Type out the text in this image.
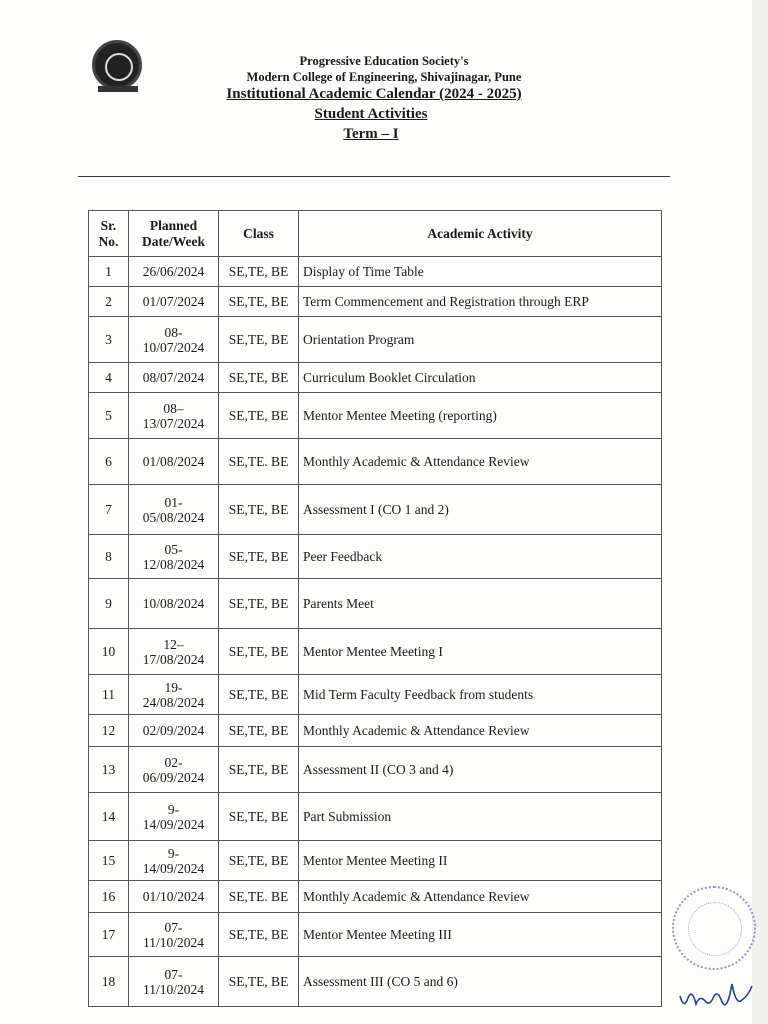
Progressive Education Society's
Modern College of Engineering, Shivajinagar, Pune
Institutional Academic Calendar (2024 - 2025)
Student Activities
Term – I
Sr. No.	Planned Date/Week	Class	Academic Activity
1	26/06/2024	SE,TE, BE	Display of Time Table
2	01/07/2024	SE,TE, BE	Term Commencement and Registration through ERP
3	08-
10/07/2024	SE,TE, BE	Orientation Program
4	08/07/2024	SE,TE, BE	Curriculum Booklet Circulation
5	08–
13/07/2024	SE,TE, BE	Mentor Mentee Meeting (reporting)
6	01/08/2024	SE,TE. BE	Monthly Academic & Attendance Review
7	01-
05/08/2024	SE,TE, BE	Assessment I (CO 1 and 2)
8	05-
12/08/2024	SE,TE, BE	Peer Feedback
9	10/08/2024	SE,TE, BE	Parents Meet
10	12–
17/08/2024	SE,TE, BE	Mentor Mentee Meeting I
11	19-
24/08/2024	SE,TE, BE	Mid Term Faculty Feedback from students
12	02/09/2024	SE,TE, BE	Monthly Academic & Attendance Review
13	02-
06/09/2024	SE,TE, BE	Assessment II (CO 3 and 4)
14	9-
14/09/2024	SE,TE, BE	Part Submission
15	9-
14/09/2024	SE,TE, BE	Mentor Mentee Meeting II
16	01/10/2024	SE,TE. BE	Monthly Academic & Attendance Review
17	07-
11/10/2024	SE,TE, BE	Mentor Mentee Meeting III
18	07-
11/10/2024	SE,TE, BE	Assessment III (CO 5 and 6)
